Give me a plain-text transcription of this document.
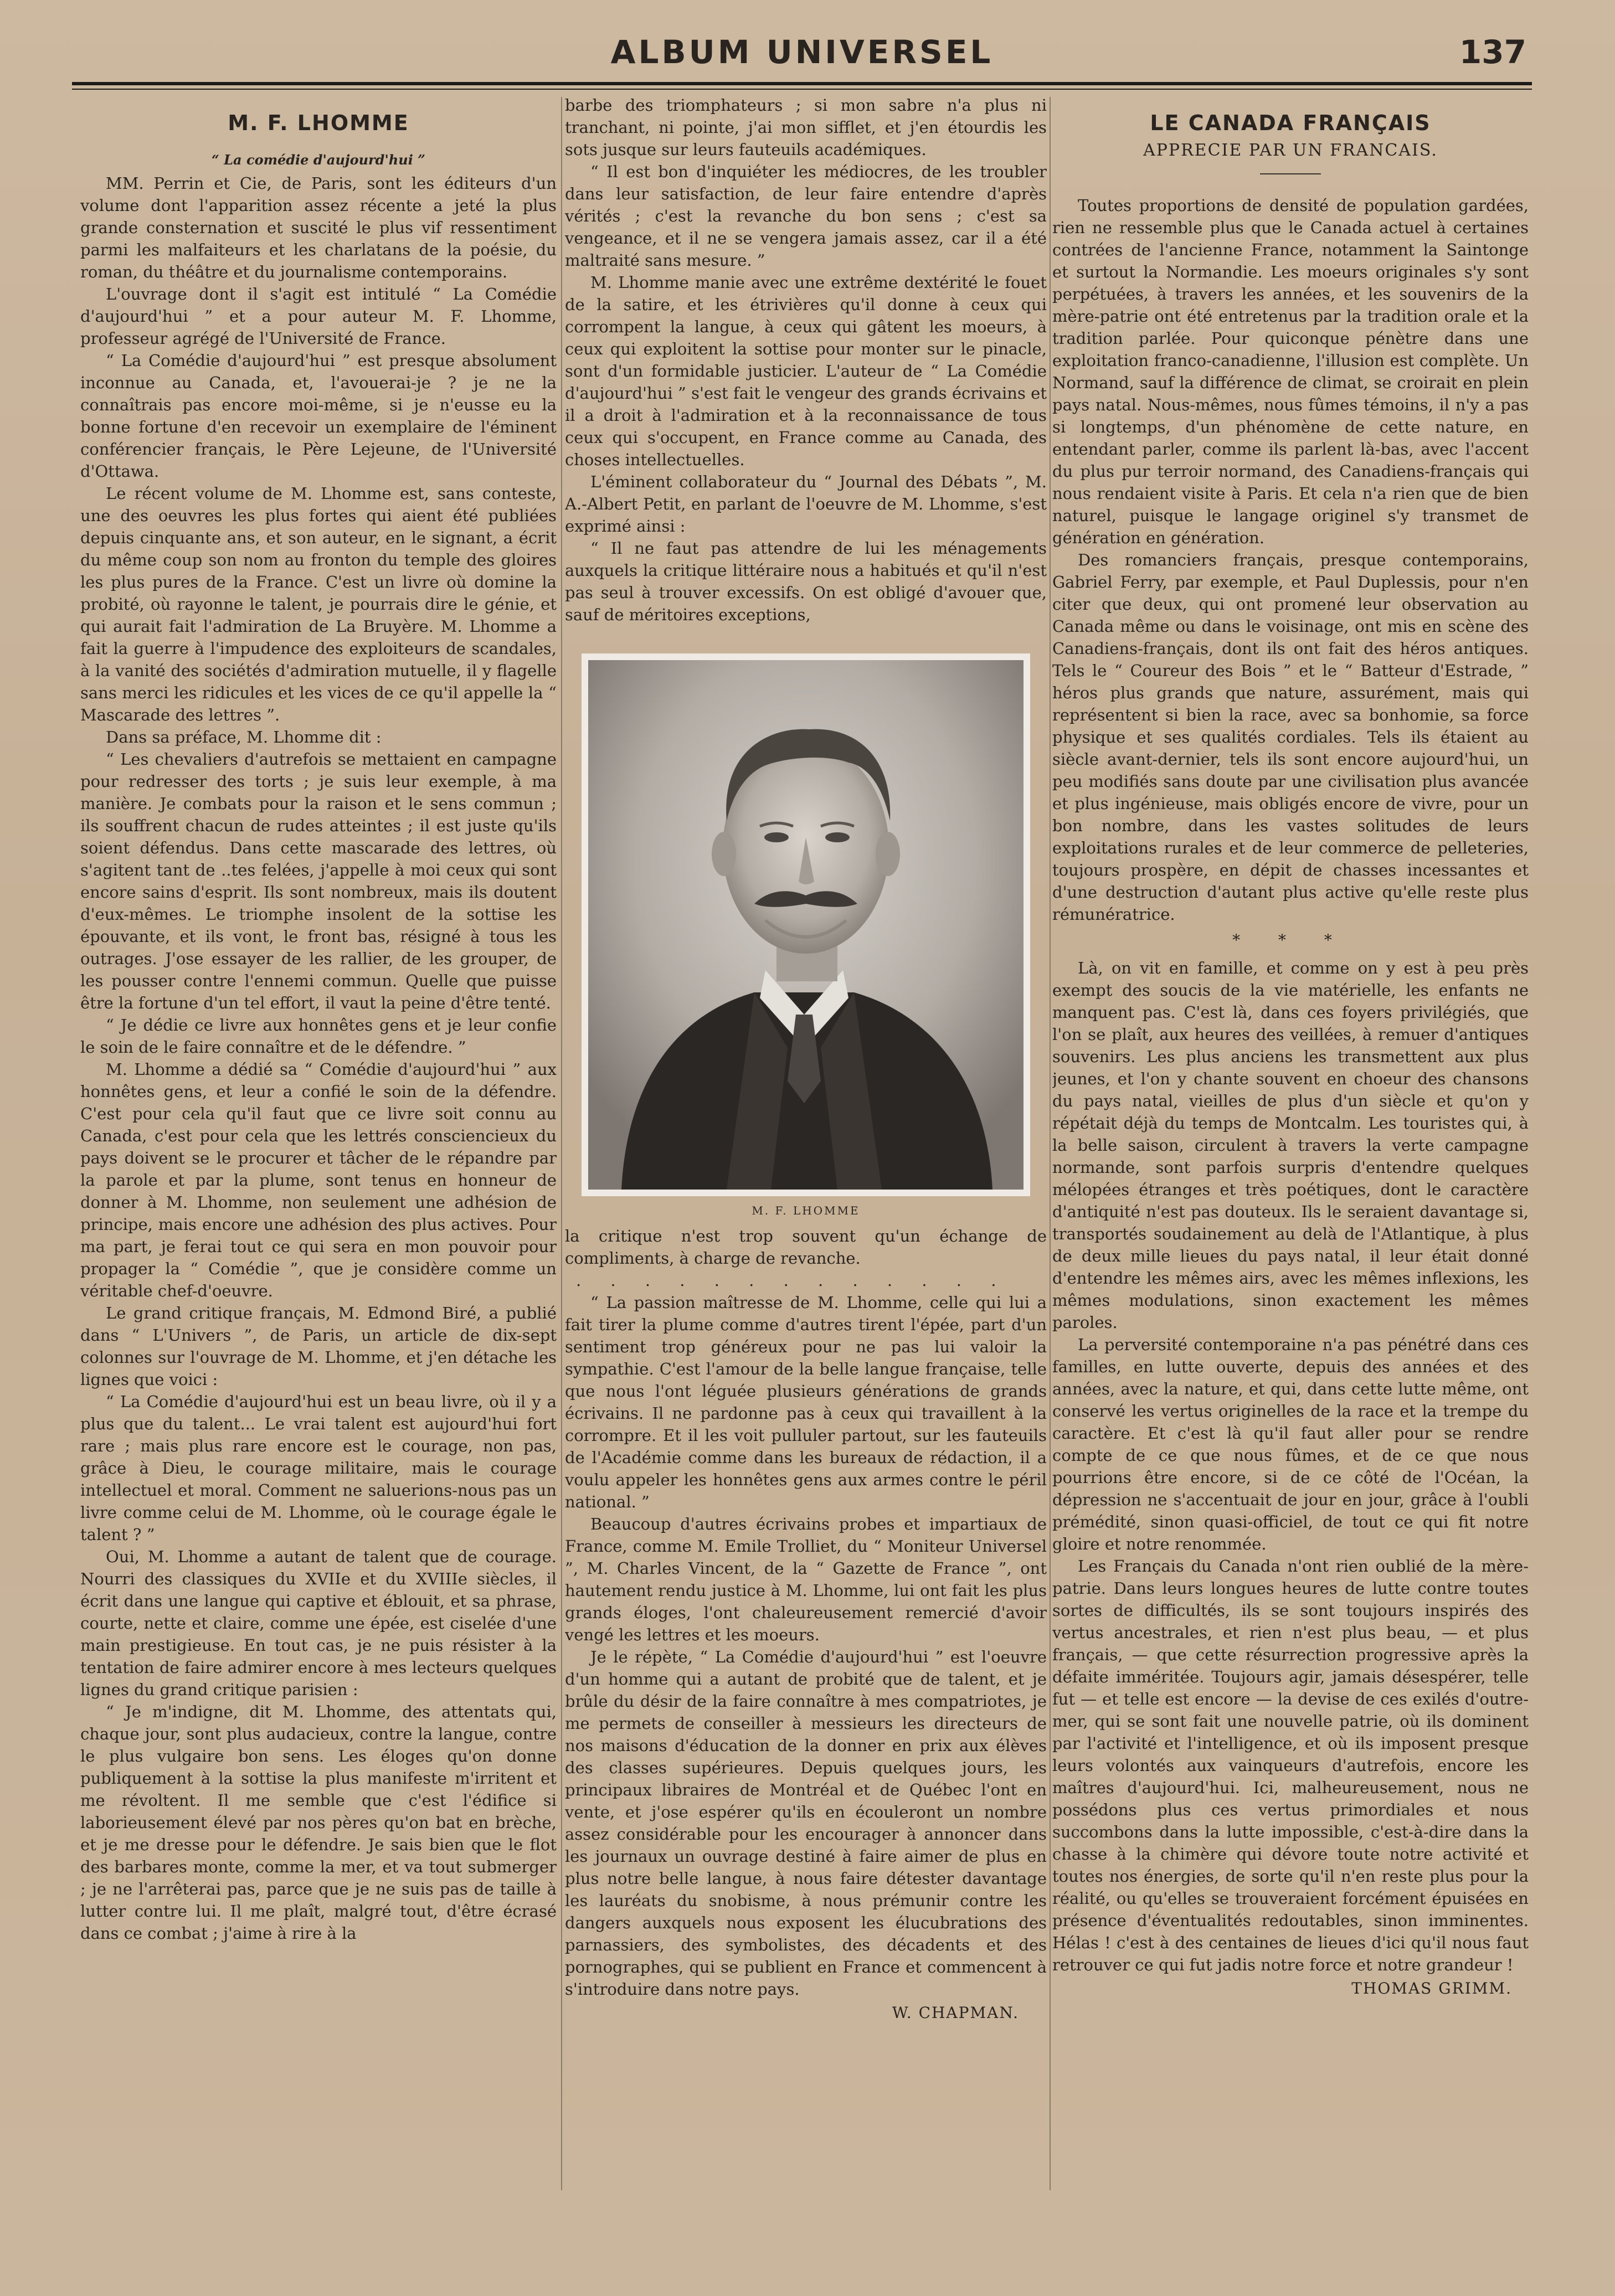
ALBUM UNIVERSEL	137
M. F. LHOMME
“ La comédie d'aujourd'hui ”

MM. Perrin et Cie, de Paris, sont les éditeurs d'un volume dont l'apparition assez récente a jeté la plus grande consternation et suscité le plus vif ressentiment parmi les malfaiteurs et les charlatans de la poésie, du roman, du théâtre et du journalisme contemporains.

L'ouvrage dont il s'agit est intitulé “ La Comédie d'aujourd'hui ” et a pour auteur M. F. Lhomme, professeur agrégé de l'Université de France.

“ La Comédie d'aujourd'hui ” est presque absolument inconnue au Canada, et, l'avouerai-je ? je ne la connaîtrais pas encore moi-même, si je n'eusse eu la bonne fortune d'en recevoir un exemplaire de l'éminent conférencier français, le Père Lejeune, de l'Université d'Ottawa.

Le récent volume de M. Lhomme est, sans conteste, une des oeuvres les plus fortes qui aient été publiées depuis cinquante ans, et son auteur, en le signant, a écrit du même coup son nom au fronton du temple des gloires les plus pures de la France. C'est un livre où domine la probité, où rayonne le talent, je pourrais dire le génie, et qui aurait fait l'admiration de La Bruyère. M. Lhomme a fait la guerre à l'impudence des exploiteurs de scandales, à la vanité des sociétés d'admiration mutuelle, il y flagelle sans merci les ridicules et les vices de ce qu'il appelle la “ Mascarade des lettres ”.

Dans sa préface, M. Lhomme dit :

“ Les chevaliers d'autrefois se mettaient en campagne pour redresser des torts ; je suis leur exemple, à ma manière. Je combats pour la raison et le sens commun ; ils souffrent chacun de rudes atteintes ; il est juste qu'ils soient défendus. Dans cette mascarade des lettres, où s'agitent tant de ..tes felées, j'appelle à moi ceux qui sont encore sains d'esprit. Ils sont nombreux, mais ils doutent d'eux-mêmes. Le triomphe insolent de la sottise les épouvante, et ils vont, le front bas, résigné à tous les outrages. J'ose essayer de les rallier, de les grouper, de les pousser contre l'ennemi commun. Quelle que puisse être la fortune d'un tel effort, il vaut la peine d'être tenté.

“ Je dédie ce livre aux honnêtes gens et je leur confie le soin de le faire connaître et de le défendre. ”

M. Lhomme a dédié sa “ Comédie d'aujourd'hui ” aux honnêtes gens, et leur a confié le soin de la défendre. C'est pour cela qu'il faut que ce livre soit connu au Canada, c'est pour cela que les lettrés consciencieux du pays doivent se le procurer et tâcher de le répandre par la parole et par la plume, sont tenus en honneur de donner à M. Lhomme, non seulement une adhésion de principe, mais encore une adhésion des plus actives. Pour ma part, je ferai tout ce qui sera en mon pouvoir pour propager la “ Comédie ”, que je considère comme un véritable chef-d'oeuvre.

Le grand critique français, M. Edmond Biré, a publié dans “ L'Univers ”, de Paris, un article de dix-sept colonnes sur l'ouvrage de M. Lhomme, et j'en détache les lignes que voici :

“ La Comédie d'aujourd'hui est un beau livre, où il y a plus que du talent... Le vrai talent est aujourd'hui fort rare ; mais plus rare encore est le courage, non pas, grâce à Dieu, le courage militaire, mais le courage intellectuel et moral. Comment ne saluerions-nous pas un livre comme celui de M. Lhomme, où le courage égale le talent ? ”

Oui, M. Lhomme a autant de talent que de courage. Nourri des classiques du XVIIe et du XVIIIe siècles, il écrit dans une langue qui captive et éblouit, et sa phrase, courte, nette et claire, comme une épée, est ciselée d'une main prestigieuse. En tout cas, je ne puis résister à la tentation de faire admirer encore à mes lecteurs quelques lignes du grand critique parisien :

“ Je m'indigne, dit M. Lhomme, des attentats qui, chaque jour, sont plus audacieux, contre la langue, contre le plus vulgaire bon sens. Les éloges qu'on donne publiquement à la sottise la plus manifeste m'irritent et me révoltent. Il me semble que c'est l'édifice si laborieusement élevé par nos pères qu'on bat en brèche, et je me dresse pour le défendre. Je sais bien que le flot des barbares monte, comme la mer, et va tout submerger ; je ne l'arrêterai pas, parce que je ne suis pas de taille à lutter contre lui. Il me plaît, malgré tout, d'être écrasé dans ce combat ; j'aime à rire à la

barbe des triomphateurs ; si mon sabre n'a plus ni tranchant, ni pointe, j'ai mon sifflet, et j'en étourdis les sots jusque sur leurs fauteuils académiques.

“ Il est bon d'inquiéter les médiocres, de les troubler dans leur satisfaction, de leur faire entendre d'après vérités ; c'est la revanche du bon sens ; c'est sa vengeance, et il ne se vengera jamais assez, car il a été maltraité sans mesure. ”

M. Lhomme manie avec une extrême dextérité le fouet de la satire, et les étrivières qu'il donne à ceux qui corrompent la langue, à ceux qui gâtent les moeurs, à ceux qui exploitent la sottise pour monter sur le pinacle, sont d'un formidable justicier. L'auteur de “ La Comédie d'aujourd'hui ” s'est fait le vengeur des grands écrivains et il a droit à l'admiration et à la reconnaissance de tous ceux qui s'occupent, en France comme au Canada, des choses intellectuelles.

L'éminent collaborateur du “ Journal des Débats ”, M. A.-Albert Petit, en parlant de l'oeuvre de M. Lhomme, s'est exprimé ainsi :

“ Il ne faut pas attendre de lui les ménagements auxquels la critique littéraire nous a habitués et qu'il n'est pas seul à trouver excessifs. On est obligé d'avouer que, sauf de méritoires exceptions,

M. F. LHOMME

la critique n'est trop souvent qu'un échange de compliments, à charge de revanche.

. . . . . . . . . . . . .

“ La passion maîtresse de M. Lhomme, celle qui lui a fait tirer la plume comme d'autres tirent l'épée, part d'un sentiment trop généreux pour ne pas lui valoir la sympathie. C'est l'amour de la belle langue française, telle que nous l'ont léguée plusieurs générations de grands écrivains. Il ne pardonne pas à ceux qui travaillent à la corrompre. Et il les voit pulluler partout, sur les fauteuils de l'Académie comme dans les bureaux de rédaction, il a voulu appeler les honnêtes gens aux armes contre le péril national. ”

Beaucoup d'autres écrivains probes et impartiaux de France, comme M. Emile Trolliet, du “ Moniteur Universel ”, M. Charles Vincent, de la “ Gazette de France ”, ont hautement rendu justice à M. Lhomme, lui ont fait les plus grands éloges, l'ont chaleureusement remercié d'avoir vengé les lettres et les moeurs.

Je le répète, “ La Comédie d'aujourd'hui ” est l'oeuvre d'un homme qui a autant de probité que de talent, et je brûle du désir de la faire connaître à mes compatriotes, je me permets de conseiller à messieurs les directeurs de nos maisons d'éducation de la donner en prix aux élèves des classes supérieures. Depuis quelques jours, les principaux libraires de Montréal et de Québec l'ont en vente, et j'ose espérer qu'ils en écouleront un nombre assez considérable pour les encourager à annoncer dans les journaux un ouvrage destiné à faire aimer de plus en plus notre belle langue, à nous faire détester davantage les lauréats du snobisme, à nous prémunir contre les dangers auxquels nous exposent les élucubrations des parnassiers, des symbolistes, des décadents et des pornographes, qui se publient en France et commencent à s'introduire dans notre pays.

W. CHAPMAN.
LE CANADA FRANÇAIS
APPRECIE PAR UN FRANCAIS.

Toutes proportions de densité de population gardées, rien ne ressemble plus que le Canada actuel à certaines contrées de l'ancienne France, notamment la Saintonge et surtout la Normandie. Les moeurs originales s'y sont perpétuées, à travers les années, et les souvenirs de la mère-patrie ont été entretenus par la tradition orale et la tradition parlée. Pour quiconque pénètre dans une exploitation franco-canadienne, l'illusion est complète. Un Normand, sauf la différence de climat, se croirait en plein pays natal. Nous-mêmes, nous fûmes témoins, il n'y a pas si longtemps, d'un phénomène de cette nature, en entendant parler, comme ils parlent là-bas, avec l'accent du plus pur terroir normand, des Canadiens-français qui nous rendaient visite à Paris. Et cela n'a rien que de bien naturel, puisque le langage originel s'y transmet de génération en génération.

Des romanciers français, presque contemporains, Gabriel Ferry, par exemple, et Paul Duplessis, pour n'en citer que deux, qui ont promené leur observation au Canada même ou dans le voisinage, ont mis en scène des Canadiens-français, dont ils ont fait des héros antiques. Tels le “ Coureur des Bois ” et le “ Batteur d'Estrade, ” héros plus grands que nature, assurément, mais qui représentent si bien la race, avec sa bonhomie, sa force physique et ses qualités cordiales. Tels ils étaient au siècle avant-dernier, tels ils sont encore aujourd'hui, un peu modifiés sans doute par une civilisation plus avancée et plus ingénieuse, mais obligés encore de vivre, pour un bon nombre, dans les vastes solitudes de leurs exploitations rurales et de leur commerce de pelleteries, toujours prospère, en dépit de chasses incessantes et d'une destruction d'autant plus active qu'elle reste plus rémunératrice.

* * *

Là, on vit en famille, et comme on y est à peu près exempt des soucis de la vie matérielle, les enfants ne manquent pas. C'est là, dans ces foyers privilégiés, que l'on se plaît, aux heures des veillées, à remuer d'antiques souvenirs. Les plus anciens les transmettent aux plus jeunes, et l'on y chante souvent en choeur des chansons du pays natal, vieilles de plus d'un siècle et qu'on y répétait déjà du temps de Montcalm. Les touristes qui, à la belle saison, circulent à travers la verte campagne normande, sont parfois surpris d'entendre quelques mélopées étranges et très poétiques, dont le caractère d'antiquité n'est pas douteux. Ils le seraient davantage si, transportés soudainement au delà de l'Atlantique, à plus de deux mille lieues du pays natal, il leur était donné d'entendre les mêmes airs, avec les mêmes inflexions, les mêmes modulations, sinon exactement les mêmes paroles.

La perversité contemporaine n'a pas pénétré dans ces familles, en lutte ouverte, depuis des années et des années, avec la nature, et qui, dans cette lutte même, ont conservé les vertus originelles de la race et la trempe du caractère. Et c'est là qu'il faut aller pour se rendre compte de ce que nous fûmes, et de ce que nous pourrions être encore, si de ce côté de l'Océan, la dépression ne s'accentuait de jour en jour, grâce à l'oubli prémédité, sinon quasi-officiel, de tout ce qui fit notre gloire et notre renommée.

Les Français du Canada n'ont rien oublié de la mère-patrie. Dans leurs longues heures de lutte contre toutes sortes de difficultés, ils se sont toujours inspirés des vertus ancestrales, et rien n'est plus beau, — et plus français, — que cette résurrection progressive après la défaite imméritée. Toujours agir, jamais désespérer, telle fut — et telle est encore — la devise de ces exilés d'outre-mer, qui se sont fait une nouvelle patrie, où ils dominent par l'activité et l'intelligence, et où ils imposent presque leurs volontés aux vainqueurs d'autrefois, encore les maîtres d'aujourd'hui. Ici, malheureusement, nous ne possédons plus ces vertus primordiales et nous succombons dans la lutte impossible, c'est-à-dire dans la chasse à la chimère qui dévore toute notre activité et toutes nos énergies, de sorte qu'il n'en reste plus pour la réalité, ou qu'elles se trouveraient forcément épuisées en présence d'éventualités redoutables, sinon imminentes. Hélas ! c'est à des centaines de lieues d'ici qu'il nous faut retrouver ce qui fut jadis notre force et notre grandeur !

THOMAS GRIMM.
